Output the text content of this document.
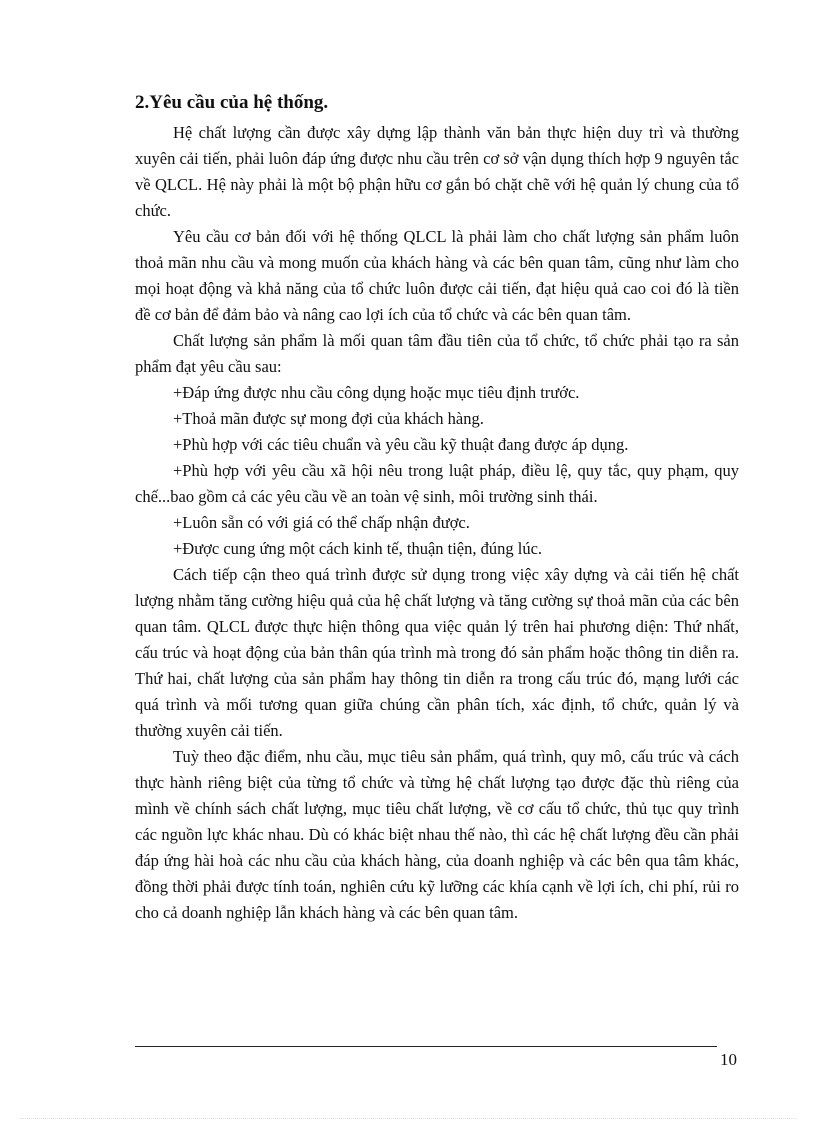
2.Yêu cầu của hệ thống.

Hệ chất lượng cần được xây dựng lập thành văn bản thực hiện duy trì và thường xuyên cải tiến, phải luôn đáp ứng được nhu cầu trên cơ sở vận dụng thích hợp 9 nguyên tắc về QLCL. Hệ này phải là một bộ phận hữu cơ gắn bó chặt chẽ với hệ quản lý chung của tổ chức.

Yêu cầu cơ bản đối với hệ thống QLCL là phải làm cho chất lượng sản phẩm luôn thoả mãn nhu cầu và mong muốn của khách hàng và các bên quan tâm, cũng như làm cho mọi hoạt động và khả năng của tổ chức luôn được cải tiến, đạt hiệu quả cao coi đó là tiền đề cơ bản để đảm bảo và nâng cao lợi ích của tổ chức và các bên quan tâm.

Chất lượng sản phẩm là mối quan tâm đầu tiên của tổ chức, tổ chức phải tạo ra sản phẩm đạt yêu cầu sau:

+Đáp ứng được nhu cầu công dụng hoặc mục tiêu định trước.

+Thoả mãn được sự mong đợi của khách hàng.

+Phù hợp với các tiêu chuẩn và yêu cầu kỹ thuật đang được áp dụng.

+Phù hợp với yêu cầu xã hội nêu trong luật pháp, điều lệ, quy tắc, quy phạm, quy chế...bao gồm cả các yêu cầu về an toàn vệ sinh, môi trường sinh thái.

+Luôn sẵn có với giá có thể chấp nhận được.

+Được cung ứng một cách kinh tế, thuận tiện, đúng lúc.

Cách tiếp cận theo quá trình được sử dụng trong việc xây dựng và cải tiến hệ chất lượng nhằm tăng cường hiệu quả của hệ chất lượng và tăng cường sự thoả mãn của các bên quan tâm. QLCL được thực hiện thông qua việc quản lý trên hai phương diện: Thứ nhất, cấu trúc và hoạt động của bản thân qúa trình mà trong đó sản phẩm hoặc thông tin diễn ra. Thứ hai, chất lượng của sản phẩm hay thông tin diễn ra trong cấu trúc đó, mạng lưới các quá trình và mối tương quan giữa chúng cần phân tích, xác định, tổ chức, quản lý và thường xuyên cải tiến.

Tuỳ theo đặc điểm, nhu cầu, mục tiêu sản phẩm, quá trình, quy mô, cấu trúc và cách thực hành riêng biệt của từng tổ chức và từng hệ chất lượng tạo được đặc thù riêng của mình về chính sách chất lượng, mục tiêu chất lượng, về cơ cấu tổ chức, thủ tục quy trình các nguồn lực khác nhau. Dù có khác biệt nhau thế nào, thì các hệ chất lượng đều cần phải đáp ứng hài hoà các nhu cầu của khách hàng, của doanh nghiệp và các bên qua tâm khác, đồng thời phải được tính toán, nghiên cứu kỹ lưỡng các khía cạnh về lợi ích, chi phí, rủi ro cho cả doanh nghiệp lẫn khách hàng và các bên quan tâm.

10
